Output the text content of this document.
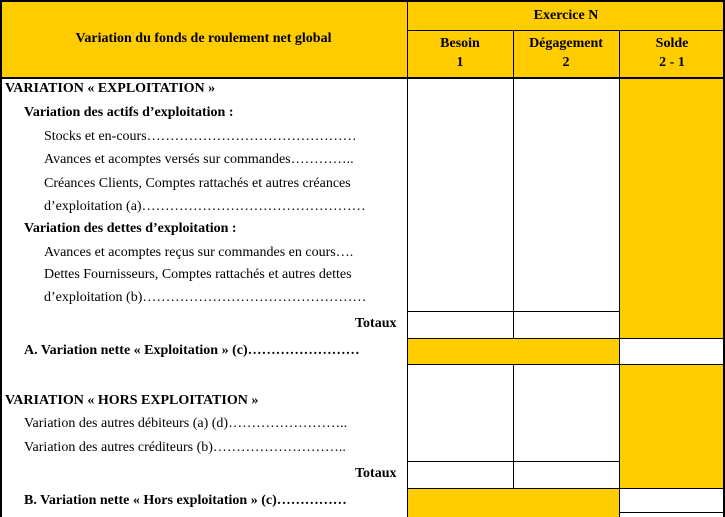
Variation du fonds de roulement net global
Exercice N
Besoin
1
Dégagement
2
Solde
2 - 1
VARIATION « EXPLOITATION »
Variation des actifs d’exploitation :
Stocks et en-cours………………………………………
Avances et acomptes versés sur commandes…………..
Créances Clients, Comptes rattachés et autres créances
d’exploitation (a)…………………………………………
Variation des dettes d’exploitation :
Avances et acomptes reçus sur commandes en cours….
Dettes Fournisseurs, Comptes rattachés et autres dettes
d’exploitation (b)…………………………………………
Totaux
A. Variation nette « Exploitation » (c)……………………
VARIATION « HORS EXPLOITATION »
Variation des autres débiteurs (a) (d)……………………..
Variation des autres créditeurs (b)………………………..
Totaux
B. Variation nette « Hors exploitation » (c)……………
